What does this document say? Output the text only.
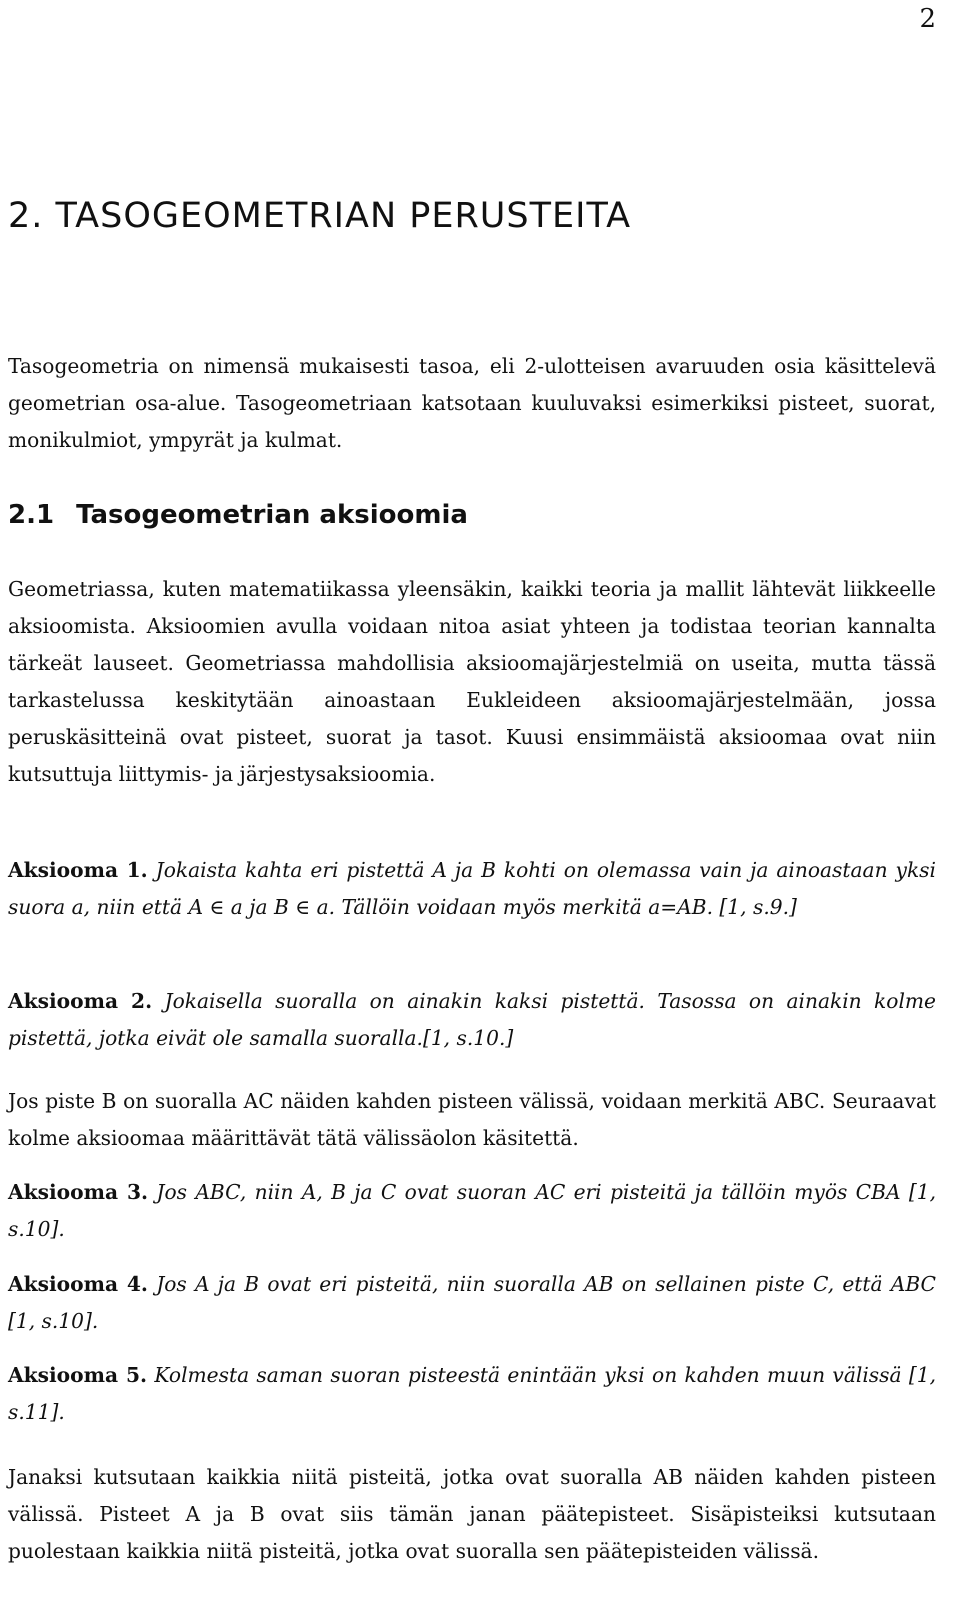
2
2. TASOGEOMETRIAN PERUSTEITA

Tasogeometria on nimensä mukaisesti tasoa, eli 2-ulotteisen avaruuden osia käsittelevä geometrian osa-alue. Tasogeometriaan katsotaan kuuluvaksi esimerkiksi pisteet, suorat, monikulmiot, ympyrät ja kulmat.

2.1 Tasogeometrian aksioomia

Geometriassa, kuten matematiikassa yleensäkin, kaikki teoria ja mallit lähtevät liikkeelle aksioomista. Aksioomien avulla voidaan nitoa asiat yhteen ja todistaa teorian kannalta tärkeät lauseet. Geometriassa mahdollisia aksioomajärjestelmiä on useita, mutta tässä tarkastelussa keskitytään ainoastaan Eukleideen aksioomajärjestelmään, jossa peruskäsitteinä ovat pisteet, suorat ja tasot. Kuusi ensimmäistä aksioomaa ovat niin kutsuttuja liittymis- ja järjestysaksioomia.

Aksiooma 1. Jokaista kahta eri pistettä A ja B kohti on olemassa vain ja ainoastaan yksi suora a, niin että A ∈ a ja B ∈ a. Tällöin voidaan myös merkitä a=AB. [1, s.9.]

Aksiooma 2. Jokaisella suoralla on ainakin kaksi pistettä. Tasossa on ainakin kolme pistettä, jotka eivät ole samalla suoralla.[1, s.10.]

Jos piste B on suoralla AC näiden kahden pisteen välissä, voidaan merkitä ABC. Seuraavat kolme aksioomaa määrittävät tätä välissäolon käsitettä.

Aksiooma 3. Jos ABC, niin A, B ja C ovat suoran AC eri pisteitä ja tällöin myös CBA [1, s.10].

Aksiooma 4. Jos A ja B ovat eri pisteitä, niin suoralla AB on sellainen piste C, että ABC [1, s.10].

Aksiooma 5. Kolmesta saman suoran pisteestä enintään yksi on kahden muun välissä [1, s.11].

Janaksi kutsutaan kaikkia niitä pisteitä, jotka ovat suoralla AB näiden kahden pisteen välissä. Pisteet A ja B ovat siis tämän janan päätepisteet. Sisäpisteiksi kutsutaan puolestaan kaikkia niitä pisteitä, jotka ovat suoralla sen päätepisteiden välissä.
